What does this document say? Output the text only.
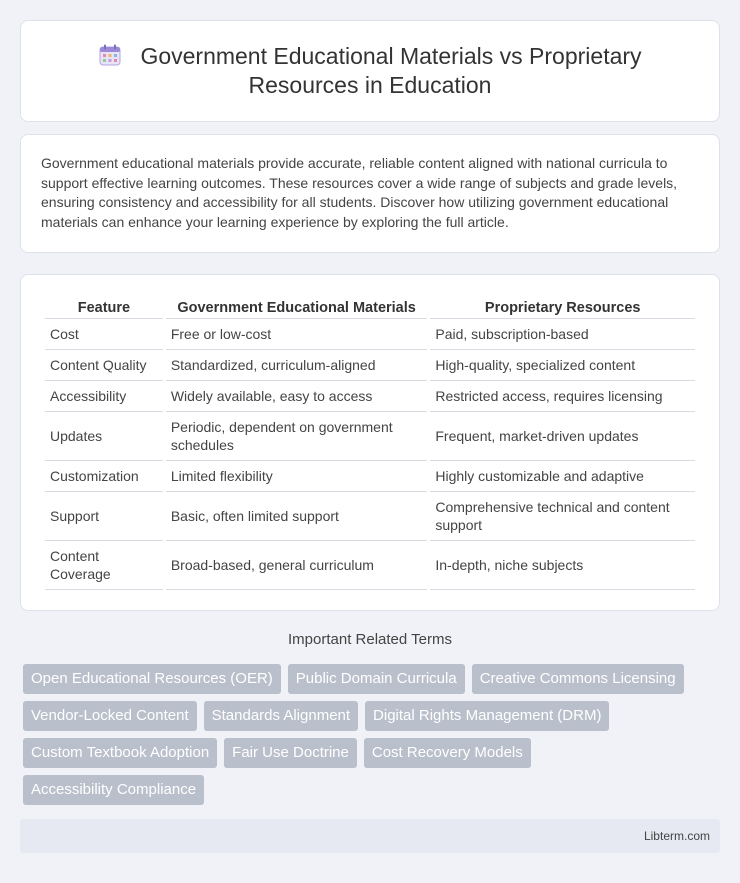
Government Educational Materials vs Proprietary Resources in Education

Government educational materials provide accurate, reliable content aligned with national curricula to support effective learning outcomes. These resources cover a wide range of subjects and grade levels, ensuring consistency and accessibility for all students. Discover how utilizing government educational materials can enhance your learning experience by exploring the full article.

Feature	Government Educational Materials	Proprietary Resources
Cost	Free or low-cost	Paid, subscription-based
Content Quality	Standardized, curriculum-aligned	High-quality, specialized content
Accessibility	Widely available, easy to access	Restricted access, requires licensing
Updates	Periodic, dependent on government schedules	Frequent, market-driven updates
Customization	Limited flexibility	Highly customizable and adaptive
Support	Basic, often limited support	Comprehensive technical and content support
Content Coverage	Broad-based, general curriculum	In-depth, niche subjects
Important Related Terms
Open Educational Resources (OER)	Public Domain Curricula	Creative Commons Licensing
Vendor-Locked Content	Standards Alignment	Digital Rights Management (DRM)
Custom Textbook Adoption	Fair Use Doctrine	Cost Recovery Models
Accessibility Compliance
Libterm.com
